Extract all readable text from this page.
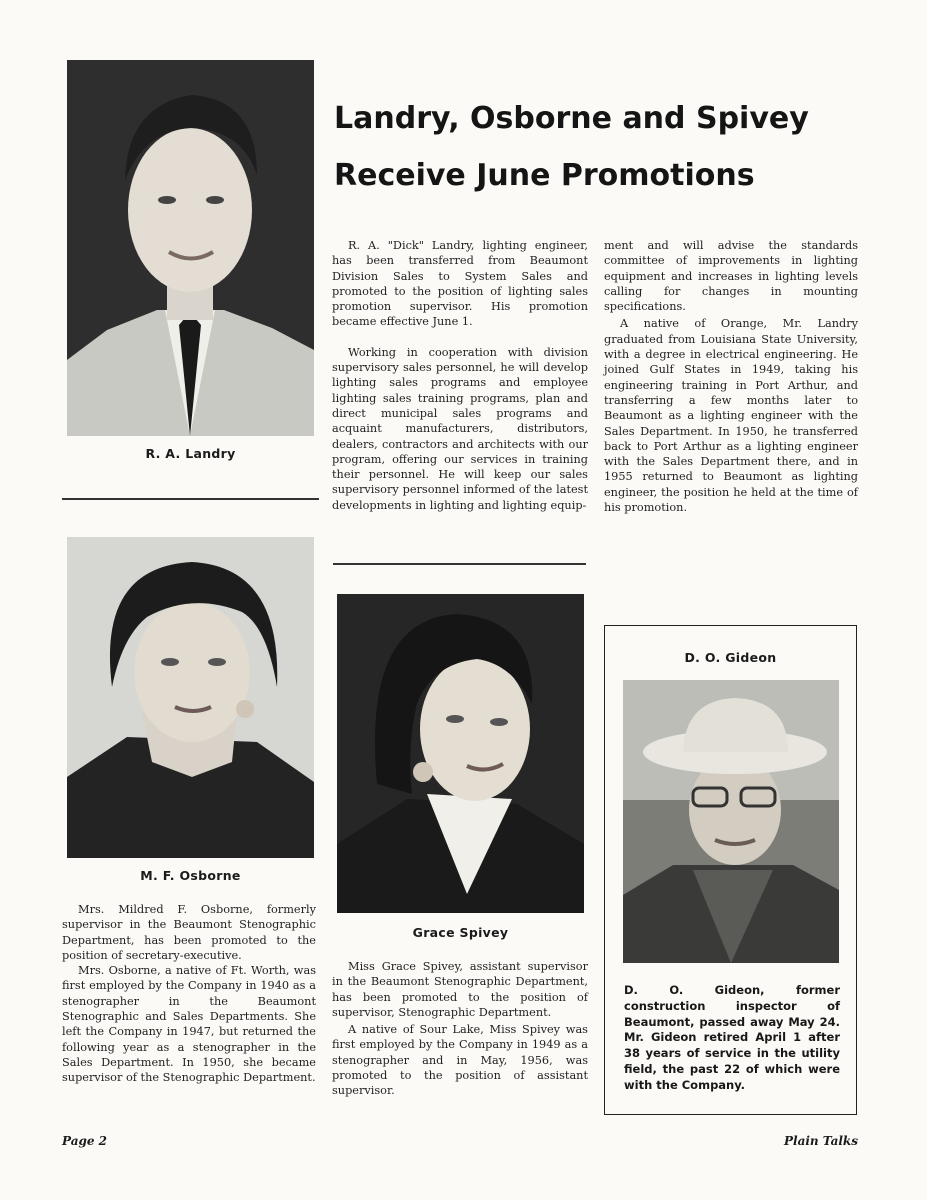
R. A. Landry
Landry, Osborne and Spivey
Receive June Promotions

R. A. "Dick" Landry, lighting engineer, has been transferred from Beaumont Division Sales to System Sales and promoted to the position of lighting sales promotion supervisor. His promotion became effective June 1.

Working in cooperation with division supervisory sales personnel, he will develop lighting sales programs and employee lighting sales training programs, plan and direct municipal sales programs and acquaint manufacturers, distributors, dealers, contractors and architects with our program, offering our services in training their personnel. He will keep our sales supervisory personnel informed of the latest developments in lighting and lighting equip-

ment and will advise the standards committee of improvements in lighting equipment and increases in lighting levels calling for changes in mounting specifications.

A native of Orange, Mr. Landry graduated from Louisiana State University, with a degree in electrical engineering. He joined Gulf States in 1949, taking his engineering training in Port Arthur, and transferring a few months later to Beaumont as a lighting engineer with the Sales Department. In 1950, he transferred back to Port Arthur as a lighting engineer with the Sales Department there, and in 1955 returned to Beaumont as lighting engineer, the position he held at the time of his promotion.

M. F. Osborne

Mrs. Mildred F. Osborne, formerly supervisor in the Beaumont Stenographic Department, has been promoted to the position of secretary-executive.

Mrs. Osborne, a native of Ft. Worth, was first employed by the Company in 1940 as a stenographer in the Beaumont Stenographic and Sales Departments. She left the Company in 1947, but returned the following year as a stenographer in the Sales Department. In 1950, she became supervisor of the Stenographic Department.

Grace Spivey

Miss Grace Spivey, assistant supervisor in the Beaumont Stenographic Department, has been promoted to the position of supervisor, Stenographic Department.

A native of Sour Lake, Miss Spivey was first employed by the Company in 1949 as a stenographer and in May, 1956, was promoted to the position of assistant supervisor.

D. O. Gideon
D. O. Gideon, former construction inspector of Beaumont, passed away May 24. Mr. Gideon retired April 1 after 38 years of service in the utility field, the past 22 of which were with the Company.
Page 2	Plain Talks
